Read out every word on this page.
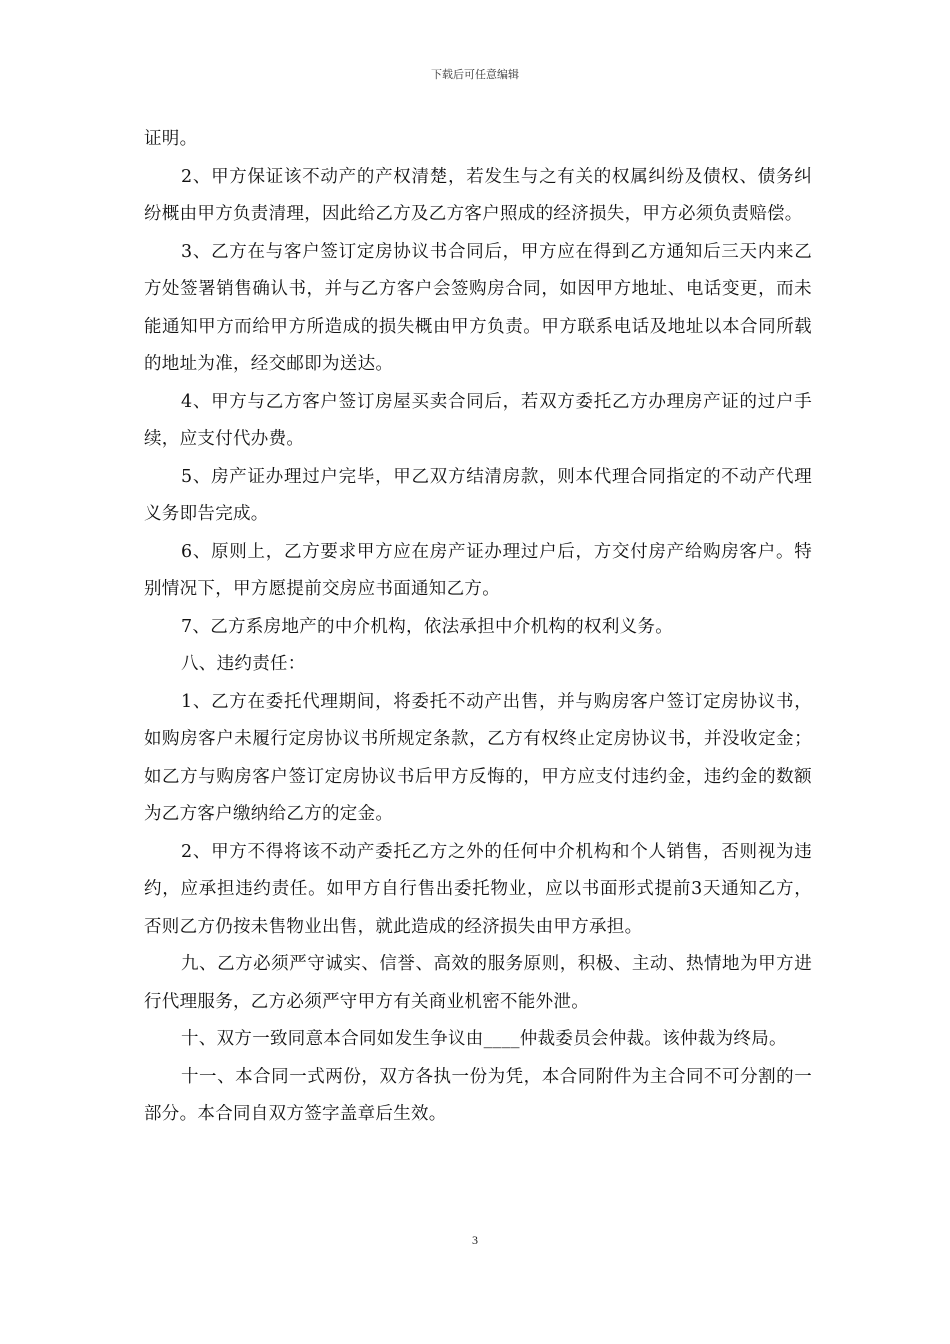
下载后可任意编辑

证明。

2、甲方保证该不动产的产权清楚，若发生与之有关的权属纠纷及债权、债务纠纷概由甲方负责清理，因此给乙方及乙方客户照成的经济损失，甲方必须负责赔偿。

3、乙方在与客户签订定房协议书合同后，甲方应在得到乙方通知后三天内来乙方处签署销售确认书，并与乙方客户会签购房合同，如因甲方地址、电话变更，而未能通知甲方而给甲方所造成的损失概由甲方负责。甲方联系电话及地址以本合同所载的地址为准，经交邮即为送达。

4、甲方与乙方客户签订房屋买卖合同后，若双方委托乙方办理房产证的过户手续，应支付代办费。

5、房产证办理过户完毕，甲乙双方结清房款，则本代理合同指定的不动产代理义务即告完成。

6、原则上，乙方要求甲方应在房产证办理过户后，方交付房产给购房客户。特别情况下，甲方愿提前交房应书面通知乙方。

7、乙方系房地产的中介机构，依法承担中介机构的权利义务。

八、违约责任：

1、乙方在委托代理期间，将委托不动产出售，并与购房客户签订定房协议书，如购房客户未履行定房协议书所规定条款，乙方有权终止定房协议书，并没收定金；如乙方与购房客户签订定房协议书后甲方反悔的，甲方应支付违约金，违约金的数额为乙方客户缴纳给乙方的定金。

2、甲方不得将该不动产委托乙方之外的任何中介机构和个人销售，否则视为违约，应承担违约责任。如甲方自行售出委托物业，应以书面形式提前3天通知乙方，否则乙方仍按未售物业出售，就此造成的经济损失由甲方承担。

九、乙方必须严守诚实、信誉、高效的服务原则，积极、主动、热情地为甲方进行代理服务，乙方必须严守甲方有关商业机密不能外泄。

十、双方一致同意本合同如发生争议由____仲裁委员会仲裁。该仲裁为终局。

十一、本合同一式两份，双方各执一份为凭，本合同附件为主合同不可分割的一部分。本合同自双方签字盖章后生效。

3
